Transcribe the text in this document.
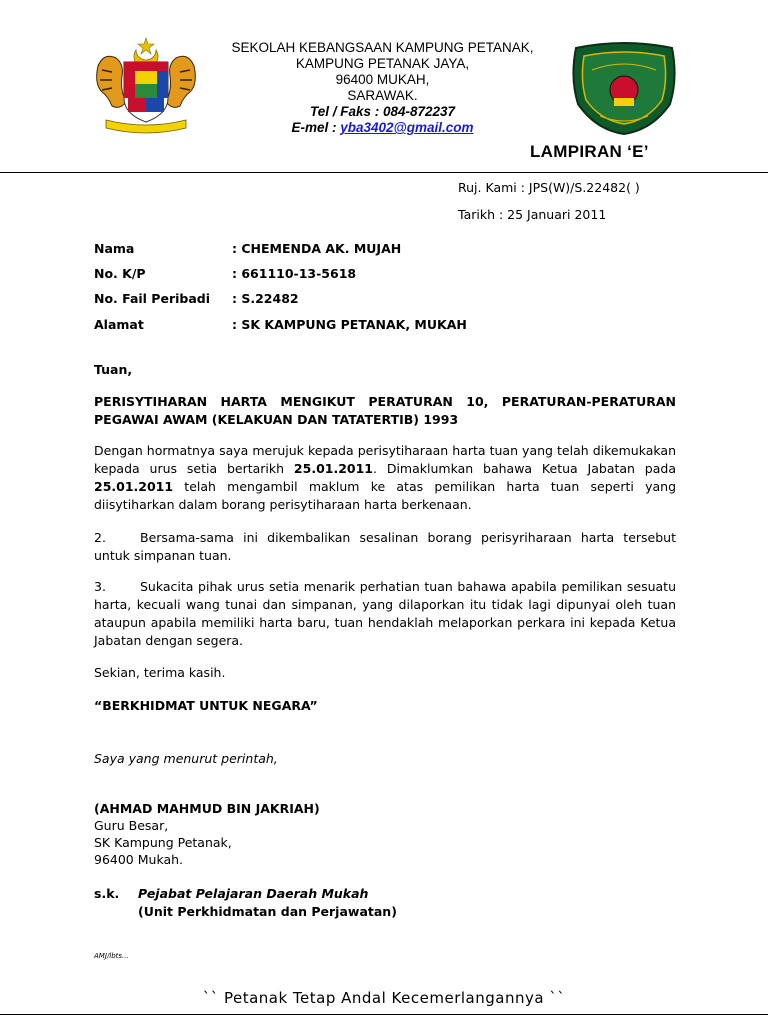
SEKOLAH KEBANGSAAN KAMPUNG PETANAK,
KAMPUNG PETANAK JAYA,
96400 MUKAH,
SARAWAK.
Tel / Faks : 084-872237
E-mel : yba3402@gmail.com
LAMPIRAN ‘E’
Ruj. Kami : JPS(W)/S.22482( )
Tarikh : 25 Januari 2011
Nama	: CHEMENDA AK. MUJAH
No. K/P	: 661110-13-5618
No. Fail Peribadi : S.22482
Alamat	: SK KAMPUNG PETANAK, MUKAH
Tuan,
PERISYTIHARAN HARTA MENGIKUT PERATURAN 10, PERATURAN-PERATURAN PEGAWAI AWAM (KELAKUAN DAN TATATERTIB) 1993
Dengan hormatnya saya merujuk kepada perisytiharaan harta tuan yang telah dikemukakan kepada urus setia bertarikh 25.01.2011. Dimaklumkan bahawa Ketua Jabatan pada 25.01.2011 telah mengambil maklum ke atas pemilikan harta tuan seperti yang diisytiharkan dalam borang perisytiharaan harta berkenaan.
2.	Bersama-sama ini dikembalikan sesalinan borang perisyriharaan harta tersebut untuk simpanan tuan.
3.	Sukacita pihak urus setia menarik perhatian tuan bahawa apabila pemilikan sesuatu harta, kecuali wang tunai dan simpanan, yang dilaporkan itu tidak lagi dipunyai oleh tuan ataupun apabila memiliki harta baru, tuan hendaklah melaporkan perkara ini kepada Ketua Jabatan dengan segera.
Sekian, terima kasih.
“BERKHIDMAT UNTUK NEGARA”
Saya yang menurut perintah,
(AHMAD MAHMUD BIN JAKRIAH)
Guru Besar,
SK Kampung Petanak,
96400 Mukah.
s.k. Pejabat Pelajaran Daerah Mukah
(Unit Perkhidmatan dan Perjawatan)
AMJ/lbts...
`` Petanak Tetap Andal Kecemerlangannya ``
